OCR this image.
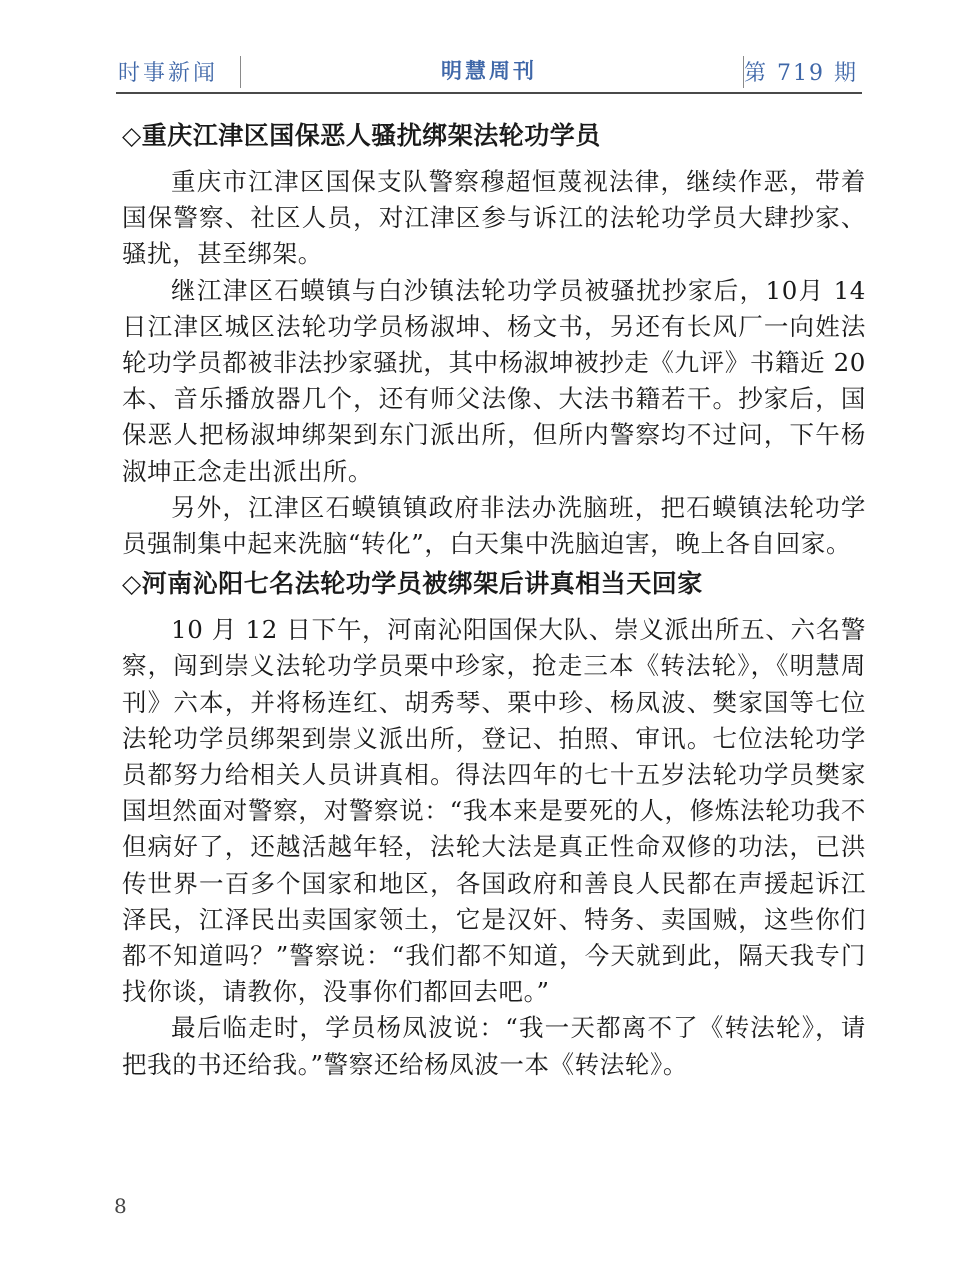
时事新闻	明慧周刊	第 719 期
◇重庆江津区国保恶人骚扰绑架法轮功学员

重庆市江津区国保支队警察穆超恒蔑视法律，继续作恶，带着国保警察、社区人员，对江津区参与诉江的法轮功学员大肆抄家、骚扰，甚至绑架。

继江津区石蟆镇与白沙镇法轮功学员被骚扰抄家后，10月 14 日江津区城区法轮功学员杨淑坤、杨文书，另还有长风厂一向姓法轮功学员都被非法抄家骚扰，其中杨淑坤被抄走《九评》书籍近 20 本、音乐播放器几个，还有师父法像、大法书籍若干。抄家后，国保恶人把杨淑坤绑架到东门派出所，但所内警察均不过问，下午杨淑坤正念走出派出所。

另外，江津区石蟆镇镇政府非法办洗脑班，把石蟆镇法轮功学员强制集中起来洗脑“转化”，白天集中洗脑迫害，晚上各自回家。

◇河南沁阳七名法轮功学员被绑架后讲真相当天回家

10 月 12 日下午，河南沁阳国保大队、崇义派出所五、六名警察，闯到崇义法轮功学员栗中珍家，抢走三本《转法轮》，《明慧周刊》六本，并将杨连红、胡秀琴、栗中珍、杨凤波、樊家国等七位法轮功学员绑架到崇义派出所，登记、拍照、审讯。七位法轮功学员都努力给相关人员讲真相。得法四年的七十五岁法轮功学员樊家国坦然面对警察，对警察说：“我本来是要死的人，修炼法轮功我不但病好了，还越活越年轻，法轮大法是真正性命双修的功法，已洪传世界一百多个国家和地区，各国政府和善良人民都在声援起诉江泽民，江泽民出卖国家领土，它是汉奸、特务、卖国贼，这些你们都不知道吗？”警察说：“我们都不知道，今天就到此，隔天我专门找你谈，请教你，没事你们都回去吧。”

最后临走时，学员杨凤波说：“我一天都离不了《转法轮》，请把我的书还给我。”警察还给杨凤波一本《转法轮》。

8
